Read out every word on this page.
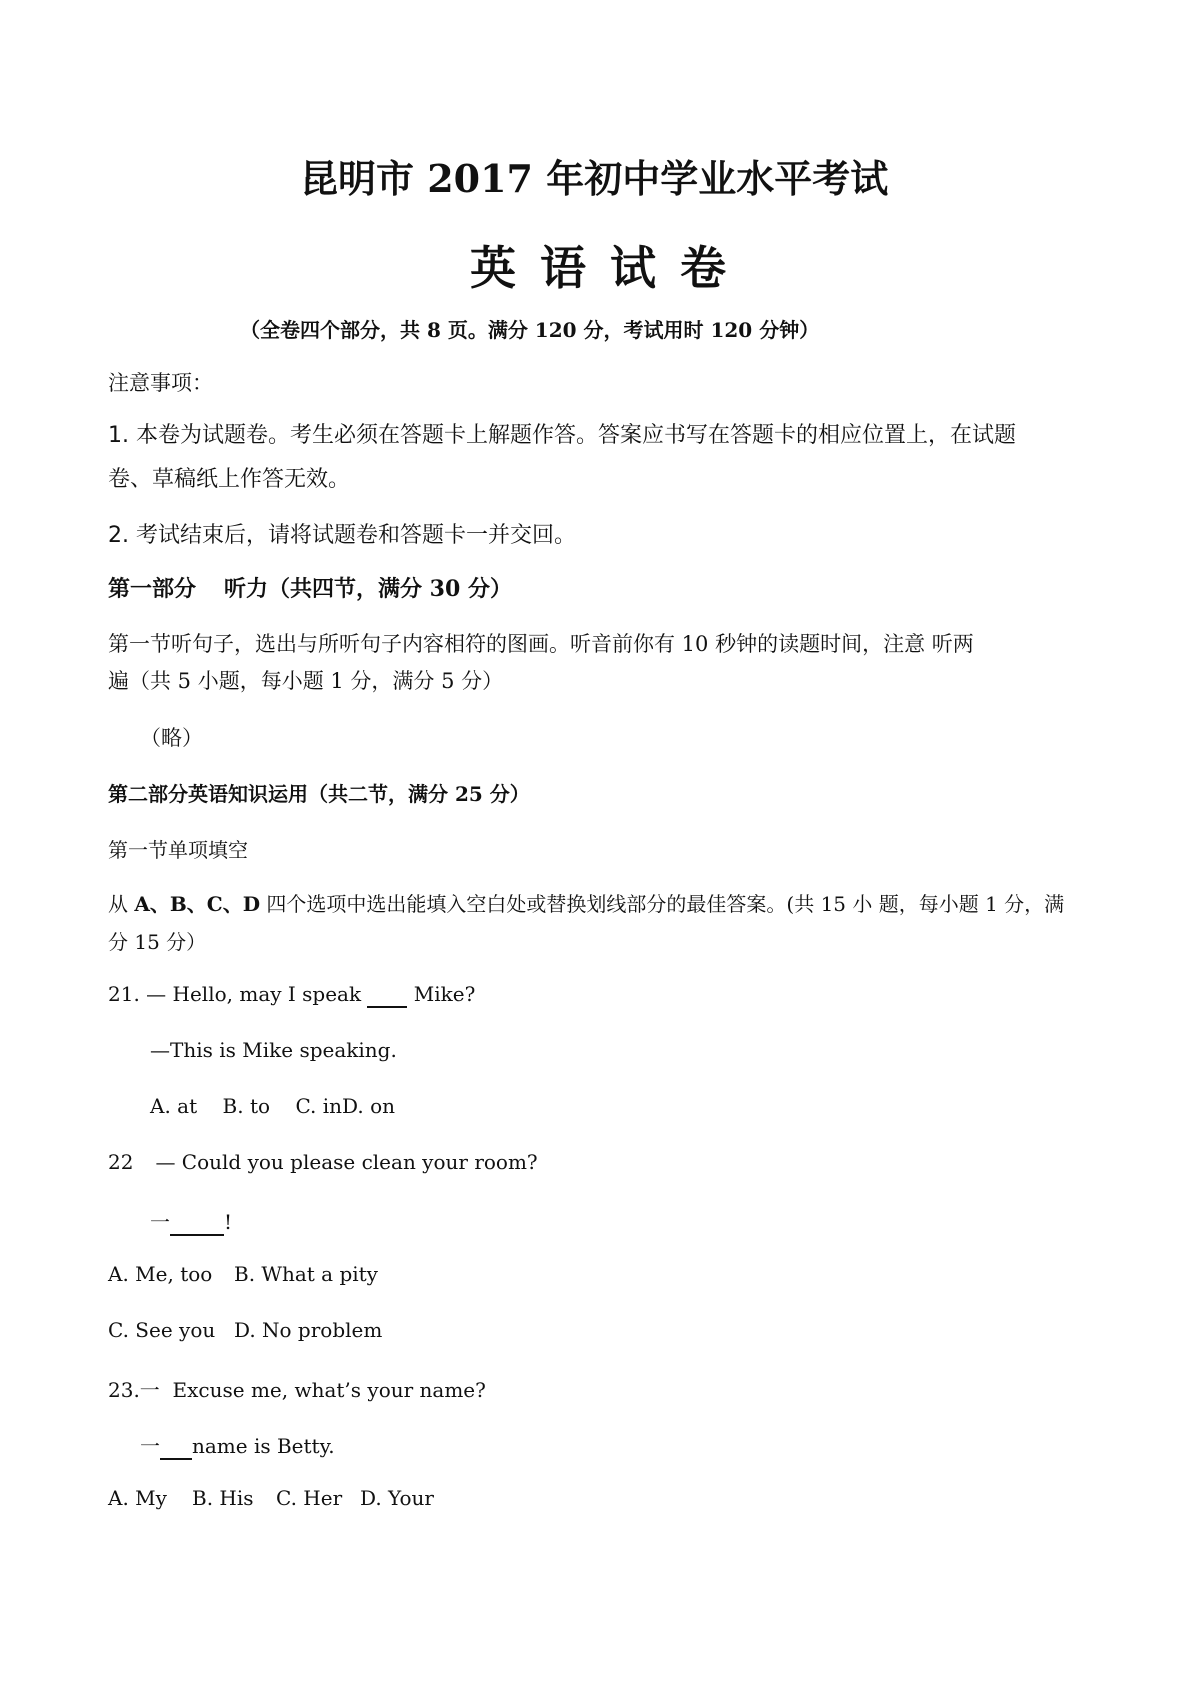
昆明市 2017 年初中学业水平考试
英 语 试 卷
（全卷四个部分，共 8 页。满分 120 分，考试用时 120 分钟）
注意事项：
1. 本卷为试题卷。考生必须在答题卡上解题作答。答案应书写在答题卡的相应位置上，在试题
卷、草稿纸上作答无效。
2. 考试结束后，请将试题卷和答题卡一并交回。
第一部分 听力（共四节，满分 30 分）
第一节听句子，选出与所听句子内容相符的图画。听音前你有 10 秒钟的读题时间，注意 听两
遍（共 5 小题，每小题 1 分，满分 5 分）
（略）
第二部分英语知识运用（共二节，满分 25 分）
第一节单项填空
从 A、B、C、D 四个选项中选出能填入空白处或替换划线部分的最佳答案。(共 15 小 题，每小题 1 分，满
分 15 分）
21. — Hello, may I speak   Mike?
—This is Mike speaking.
A. at    B. to    C. inD. on
22 — Could you please clean your room?
一	!
A. Me, too B. What a pity
C. See you D. No problem
23.一  Excuse me, what’s your name?
一 name is Betty.
A. My B. His C. Her D. Your
